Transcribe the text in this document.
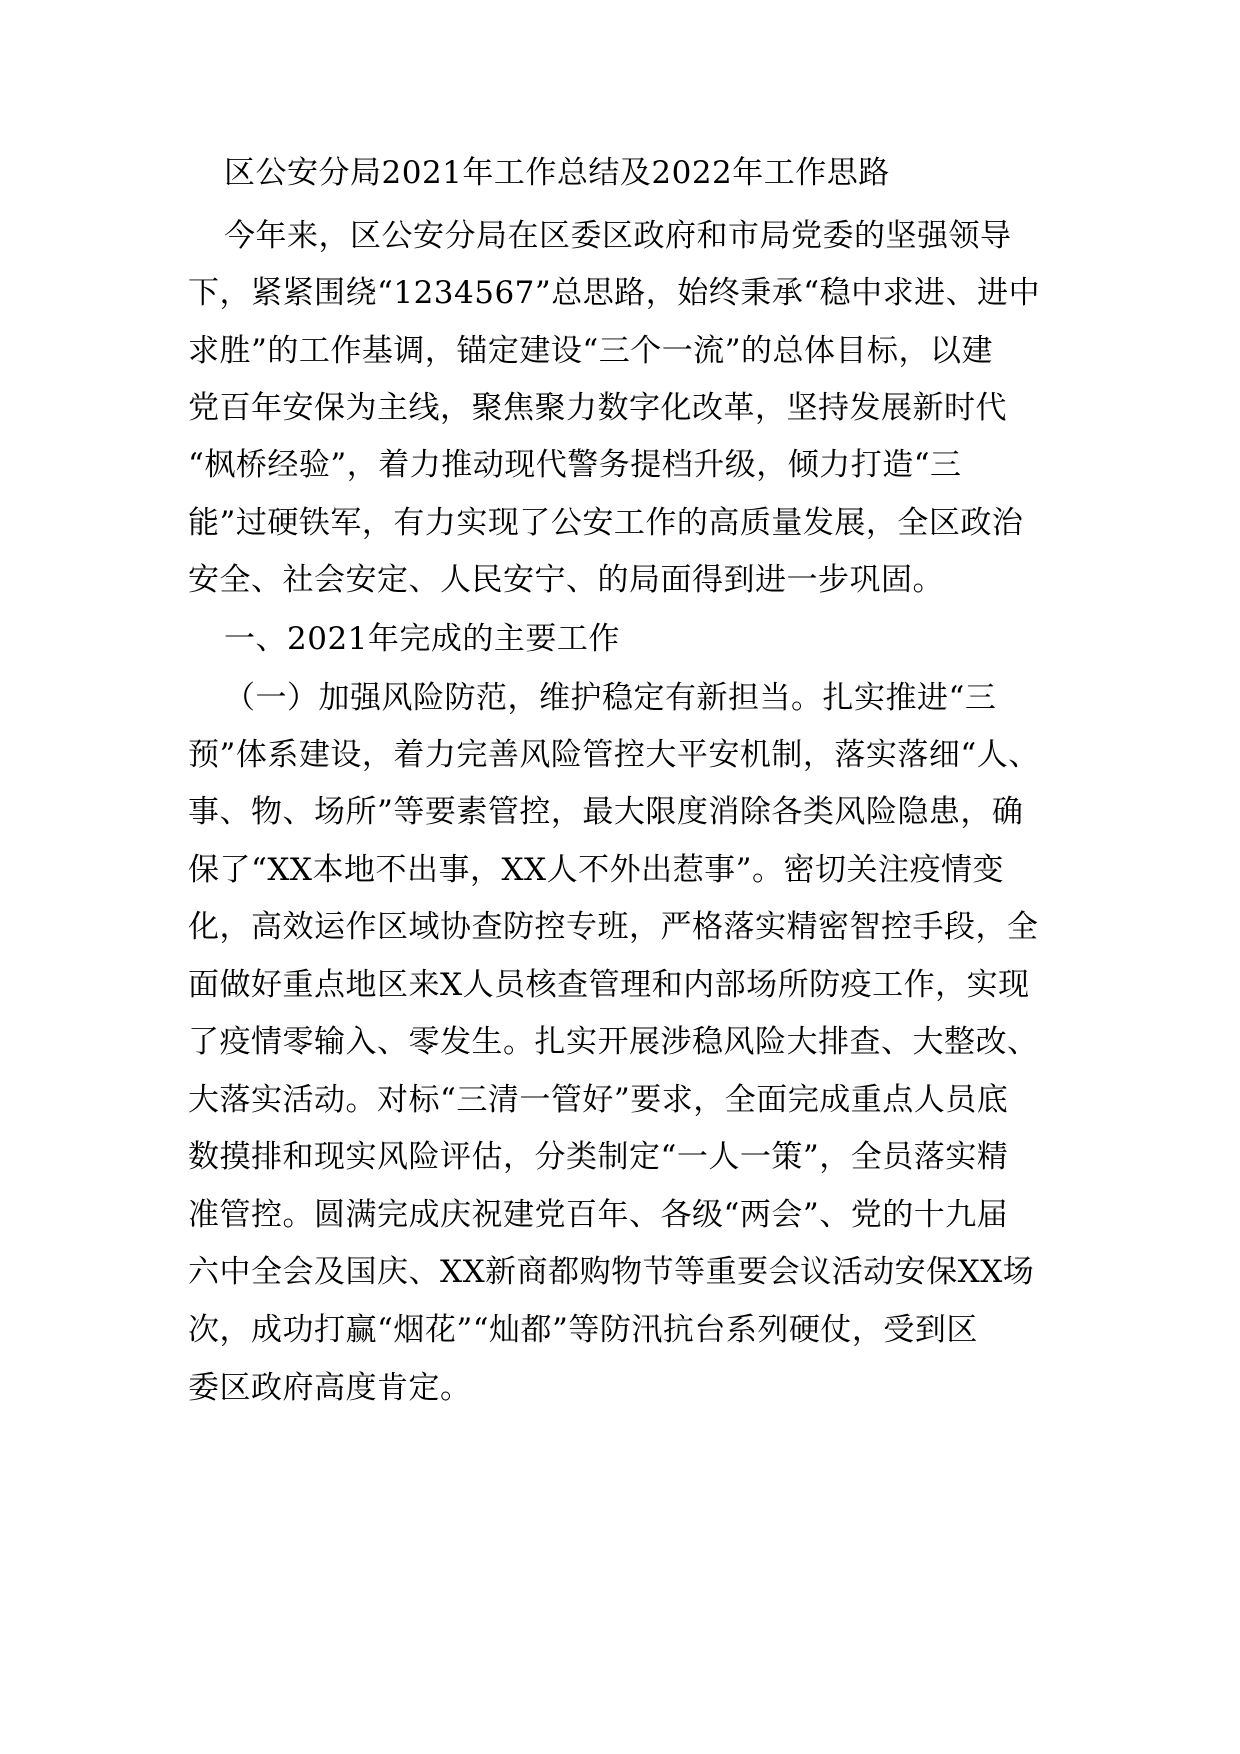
区公安分局2021年工作总结及2022年工作思路
今年来，区公安分局在区委区政府和市局党委的坚强领导
下，紧紧围绕“1234567”总思路，始终秉承“稳中求进、进中
求胜”的工作基调，锚定建设“三个一流”的总体目标，以建
党百年安保为主线，聚焦聚力数字化改革，坚持发展新时代
“枫桥经验”，着力推动现代警务提档升级，倾力打造“三
能”过硬铁军，有力实现了公安工作的高质量发展，全区政治
安全、社会安定、人民安宁、的局面得到进一步巩固。
一、2021年完成的主要工作
（一）加强风险防范，维护稳定有新担当。扎实推进“三
预”体系建设，着力完善风险管控大平安机制，落实落细“人、
事、物、场所”等要素管控，最大限度消除各类风险隐患，确
保了“XX本地不出事，XX人不外出惹事”。密切关注疫情变
化，高效运作区域协查防控专班，严格落实精密智控手段，全
面做好重点地区来X人员核查管理和内部场所防疫工作，实现
了疫情零输入、零发生。扎实开展涉稳风险大排查、大整改、
大落实活动。对标“三清一管好”要求，全面完成重点人员底
数摸排和现实风险评估，分类制定“一人一策”，全员落实精
准管控。圆满完成庆祝建党百年、各级“两会”、党的十九届
六中全会及国庆、XX新商都购物节等重要会议活动安保XX场
次，成功打赢“烟花”“灿都”等防汛抗台系列硬仗，受到区
委区政府高度肯定。
